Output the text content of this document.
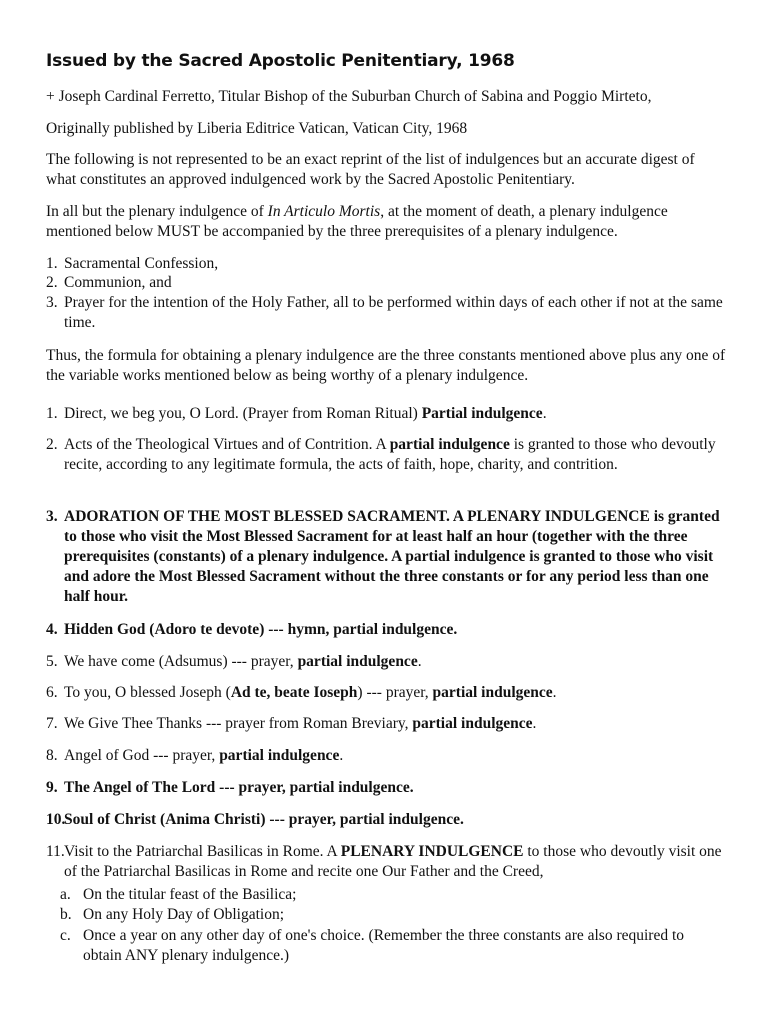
Issued by the Sacred Apostolic Penitentiary, 1968

+ Joseph Cardinal Ferretto, Titular Bishop of the Suburban Church of Sabina and Poggio Mirteto,

Originally published by Liberia Editrice Vatican, Vatican City, 1968

The following is not represented to be an exact reprint of the list of indulgences but an accurate digest of what constitutes an approved indulgenced work by the Sacred Apostolic Penitentiary.

In all but the plenary indulgence of In Articulo Mortis, at the moment of death, a plenary indulgence mentioned below MUST be accompanied by the three prerequisites of a plenary indulgence.

1. Sacramental Confession,
2. Communion, and
3. Prayer for the intention of the Holy Father, all to be performed within days of each other if not at the same time.

Thus, the formula for obtaining a plenary indulgence are the three constants mentioned above plus any one of the variable works mentioned below as being worthy of a plenary indulgence.

1. Direct, we beg you, O Lord. (Prayer from Roman Ritual) Partial indulgence.
2. Acts of the Theological Virtues and of Contrition. A partial indulgence is granted to those who devoutly recite, according to any legitimate formula, the acts of faith, hope, charity, and contrition.
3. ADORATION OF THE MOST BLESSED SACRAMENT. A PLENARY INDULGENCE is granted to those who visit the Most Blessed Sacrament for at least half an hour (together with the three prerequisites (constants) of a plenary indulgence. A partial indulgence is granted to those who visit and adore the Most Blessed Sacrament without the three constants or for any period less than one half hour.
4. Hidden God (Adoro te devote) --- hymn, partial indulgence.
5. We have come (Adsumus) --- prayer, partial indulgence.
6. To you, O blessed Joseph (Ad te, beate Ioseph) --- prayer, partial indulgence.
7. We Give Thee Thanks --- prayer from Roman Breviary, partial indulgence.
8. Angel of God --- prayer, partial indulgence.
9. The Angel of The Lord --- prayer, partial indulgence.
10.
Soul of Christ (Anima Christi) --- prayer, partial indulgence.
11. Visit to the Patriarchal Basilicas in Rome. A PLENARY INDULGENCE to those who devoutly visit one of the Patriarchal Basilicas in Rome and recite one Our Father and the Creed,
a. On the titular feast of the Basilica;
b. On any Holy Day of Obligation;
c. Once a year on any other day of one's choice. (Remember the three constants are also required to obtain ANY plenary indulgence.)
